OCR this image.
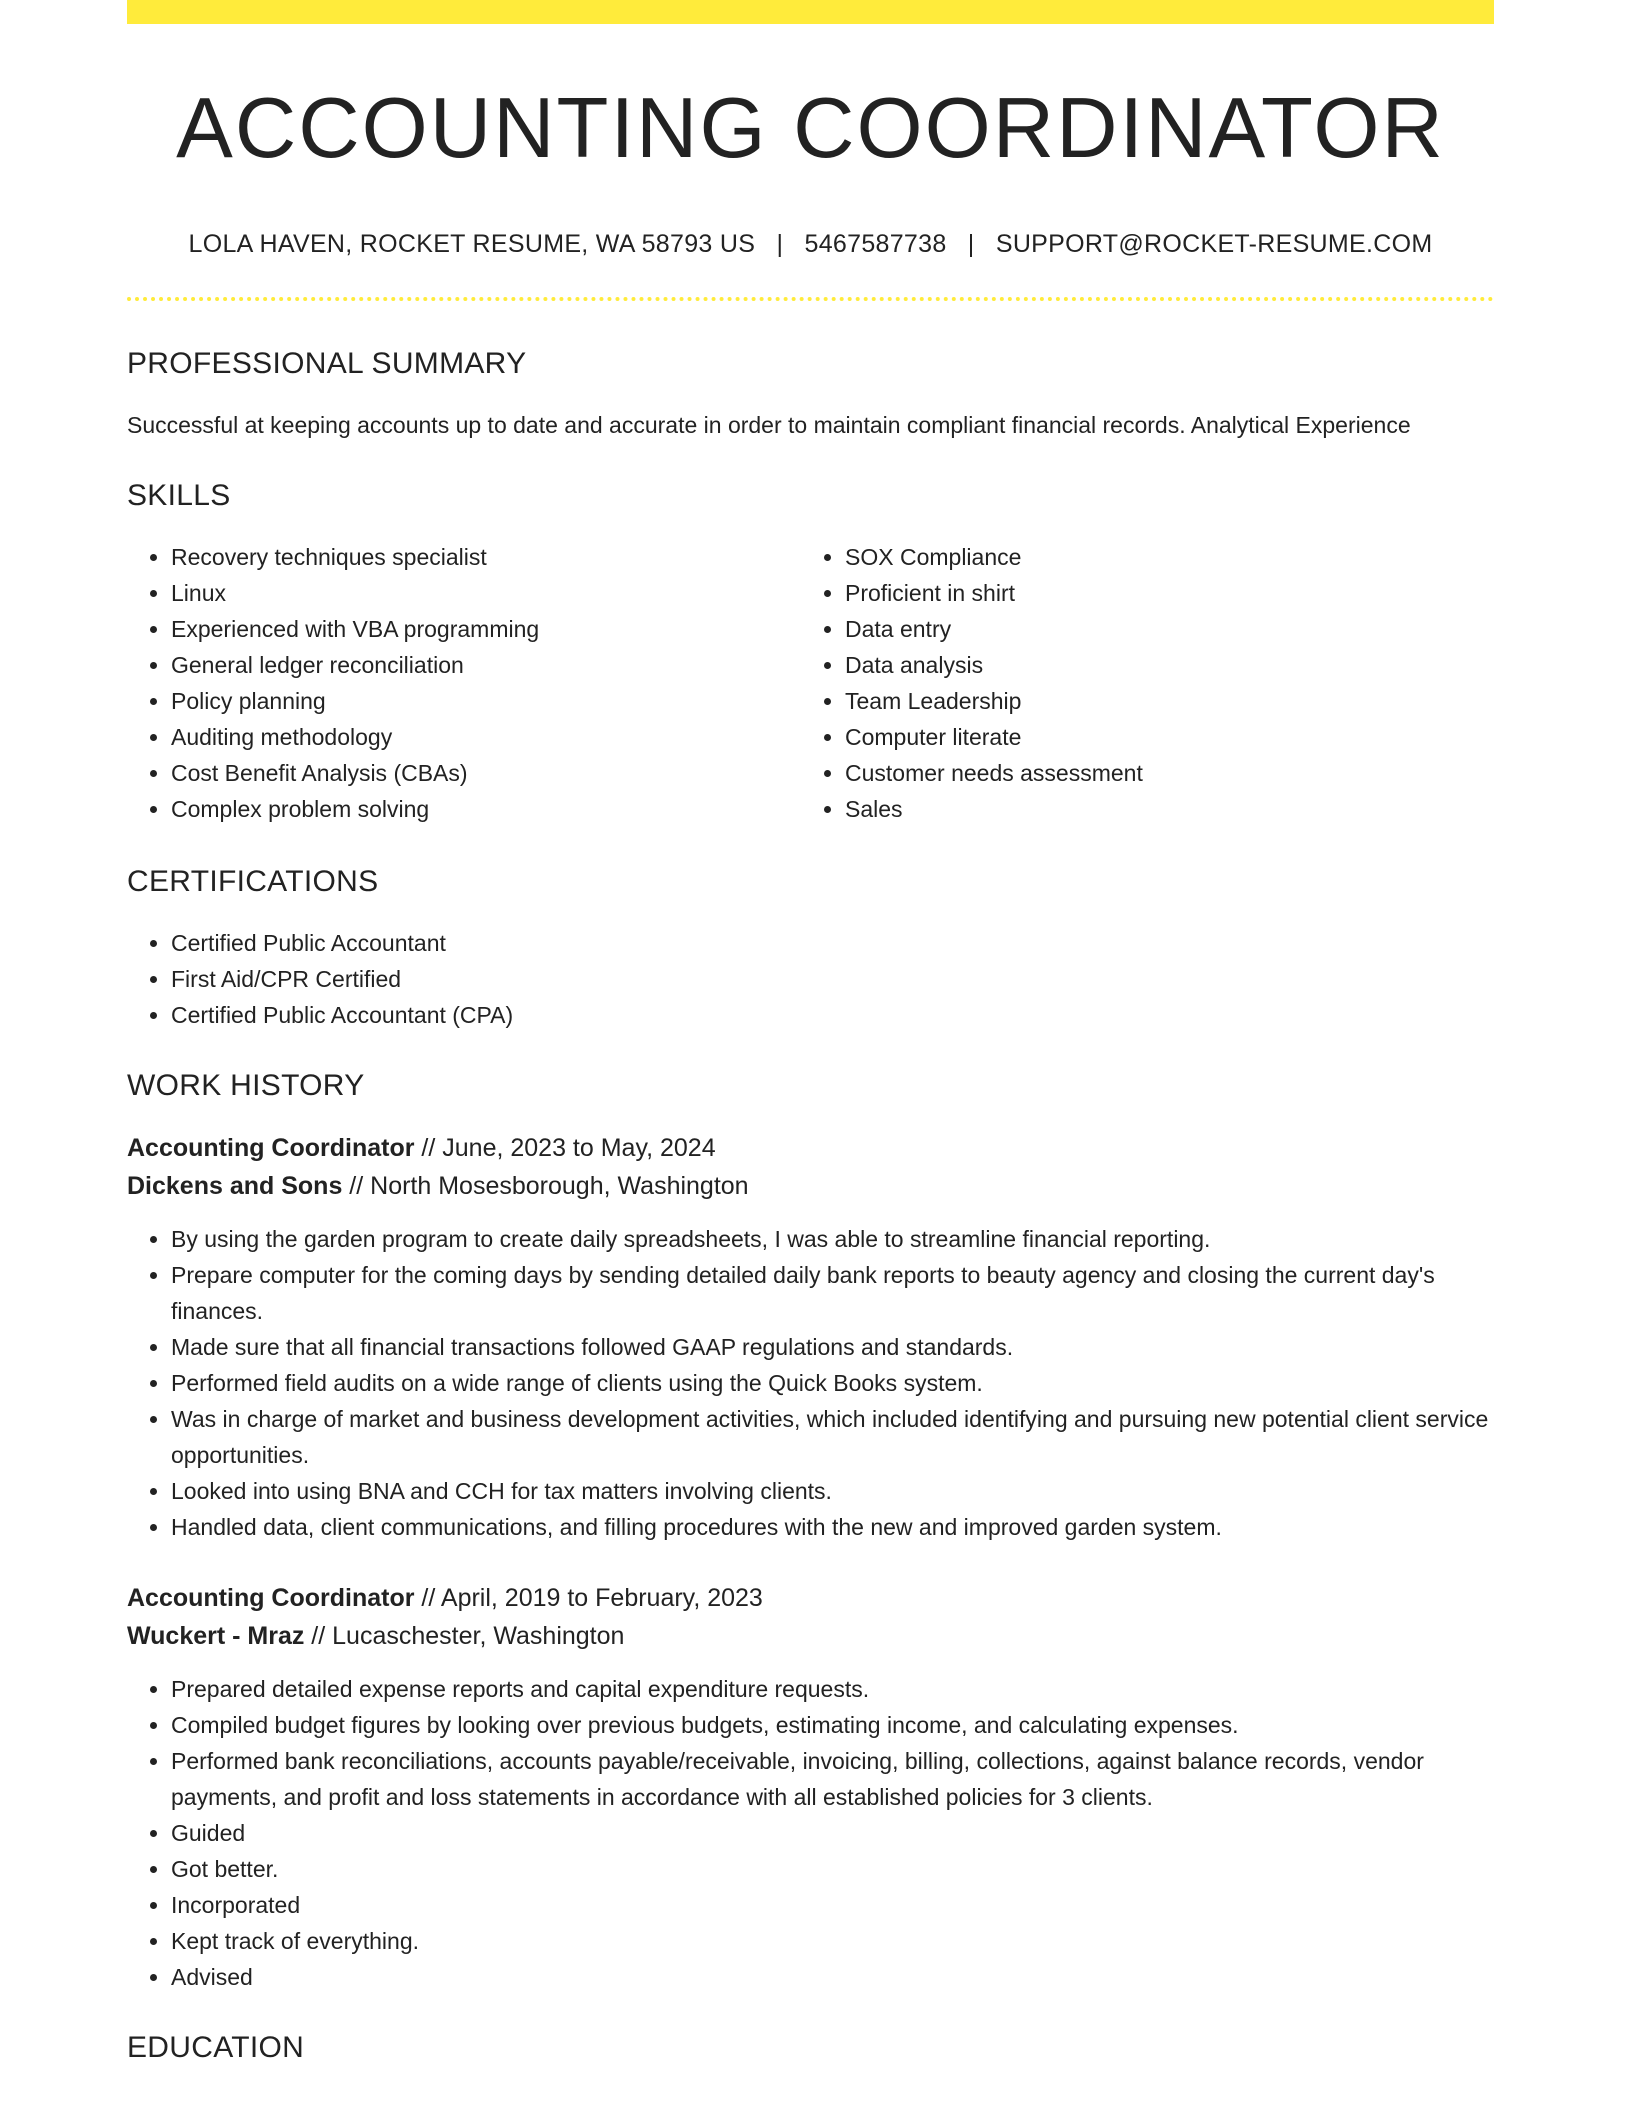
ACCOUNTING COORDINATOR
LOLA HAVEN, ROCKET RESUME, WA 58793 US | 5467587738 | SUPPORT@ROCKET-RESUME.COM
PROFESSIONAL SUMMARY

Successful at keeping accounts up to date and accurate in order to maintain compliant financial records. Analytical Experience

SKILLS
• Recovery techniques specialist
• Linux
• Experienced with VBA programming
• General ledger reconciliation
• Policy planning
• Auditing methodology
• Cost Benefit Analysis (CBAs)
• Complex problem solving
• SOX Compliance
• Proficient in shirt
• Data entry
• Data analysis
• Team Leadership
• Computer literate
• Customer needs assessment
• Sales
CERTIFICATIONS
• Certified Public Accountant
• First Aid/CPR Certified
• Certified Public Accountant (CPA)
WORK HISTORY
Accounting Coordinator // June, 2023 to May, 2024
Dickens and Sons // North Mosesborough, Washington
• By using the garden program to create daily spreadsheets, I was able to streamline financial reporting.
• Prepare computer for the coming days by sending detailed daily bank reports to beauty agency and closing the current day's finances.
• Made sure that all financial transactions followed GAAP regulations and standards.
• Performed field audits on a wide range of clients using the Quick Books system.
• Was in charge of market and business development activities, which included identifying and pursuing new potential client service opportunities.
• Looked into using BNA and CCH for tax matters involving clients.
• Handled data, client communications, and filling procedures with the new and improved garden system.
Accounting Coordinator // April, 2019 to February, 2023
Wuckert - Mraz // Lucaschester, Washington
• Prepared detailed expense reports and capital expenditure requests.
• Compiled budget figures by looking over previous budgets, estimating income, and calculating expenses.
• Performed bank reconciliations, accounts payable/receivable, invoicing, billing, collections, against balance records, vendor payments, and profit and loss statements in accordance with all established policies for 3 clients.
• Guided
• Got better.
• Incorporated
• Kept track of everything.
• Advised
EDUCATION
